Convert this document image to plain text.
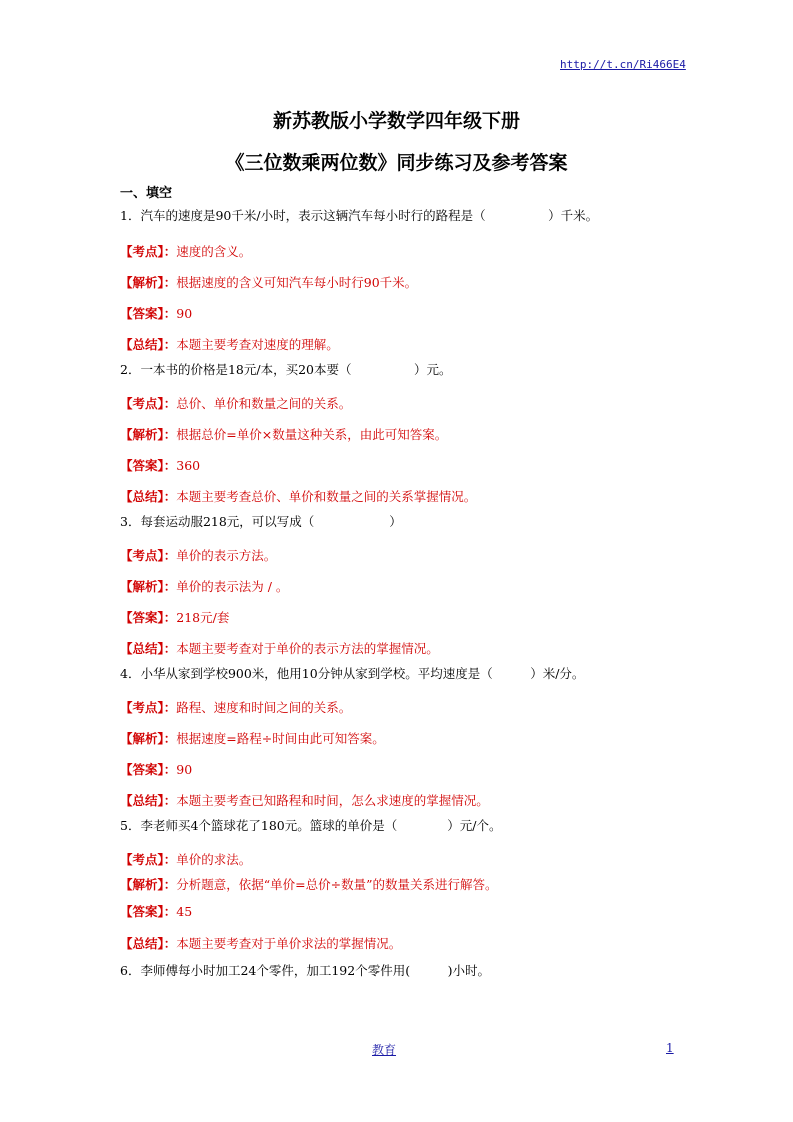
http://t.cn/Ri466E4
新苏教版小学数学四年级下册
《三位数乘两位数》同步练习及参考答案
一、填空
1．汽车的速度是90千米/小时，表示这辆汽车每小时行的路程是（　　　　　）千米。
【考点】：速度的含义。
【解析】：根据速度的含义可知汽车每小时行90千米。
【答案】：90
【总结】：本题主要考查对速度的理解。
2．一本书的价格是18元/本，买20本要（　　　　　）元。
【考点】：总价、单价和数量之间的关系。
【解析】：根据总价=单价×数量这种关系，由此可知答案。
【答案】：360
【总结】：本题主要考查总价、单价和数量之间的关系掌握情况。
3．每套运动服218元，可以写成（　　　　　　）
【考点】：单价的表示方法。
【解析】：单价的表示法为 / 。
【答案】：218元/套
【总结】：本题主要考查对于单价的表示方法的掌握情况。
4．小华从家到学校900米，他用10分钟从家到学校。平均速度是（　　　）米/分。
【考点】：路程、速度和时间之间的关系。
【解析】：根据速度=路程÷时间由此可知答案。
【答案】：90
【总结】：本题主要考查已知路程和时间，怎么求速度的掌握情况。
5．李老师买4个篮球花了180元。篮球的单价是（　　　　）元/个。
【考点】：单价的求法。
【解析】：分析题意，依据“单价=总价÷数量”的数量关系进行解答。
【答案】：45
【总结】：本题主要考查对于单价求法的掌握情况。
6．李师傅每小时加工24个零件，加工192个零件用(　　　)小时。
教育	1
